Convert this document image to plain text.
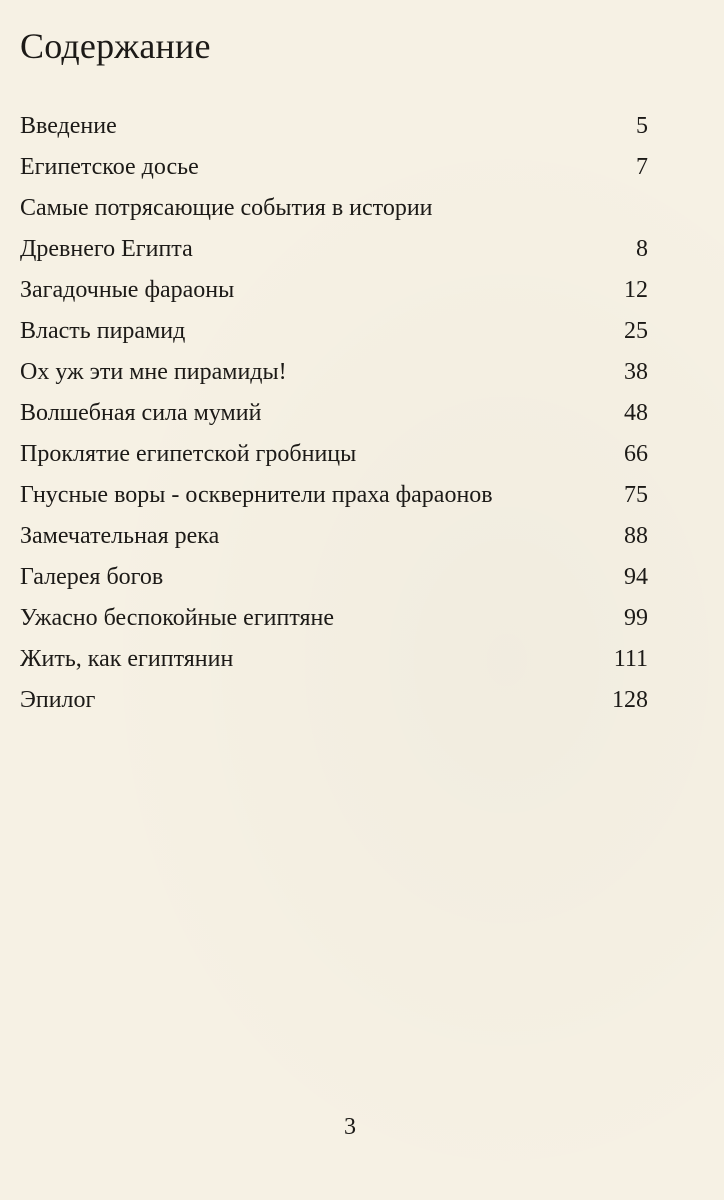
Содержание
Введение	5
Египетское досье	7
Самые потрясающие события в истории
Древнего Египта	8
Загадочные фараоны	12
Власть пирамид	25
Ох уж эти мне пирамиды!	38
Волшебная сила мумий	48
Проклятие египетской гробницы	66
Гнусные воры - осквернители праха фараонов	75
Замечательная река	88
Галерея богов	94
Ужасно беспокойные египтяне	99
Жить, как египтянин	111
Эпилог	128
3
